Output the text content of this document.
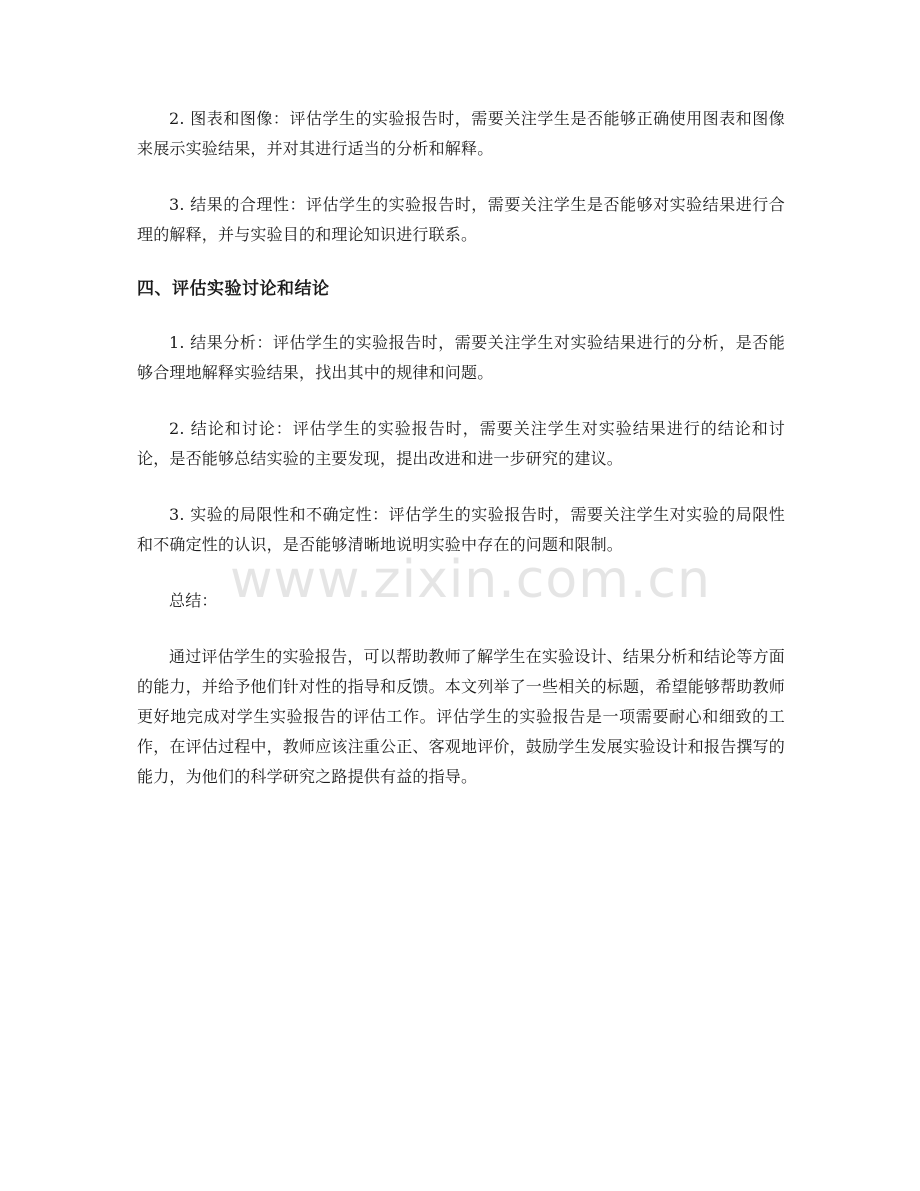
2. 图表和图像：评估学生的实验报告时，需要关注学生是否能够正确使用图表和图像来展示实验结果，并对其进行适当的分析和解释。

3. 结果的合理性：评估学生的实验报告时，需要关注学生是否能够对实验结果进行合理的解释，并与实验目的和理论知识进行联系。

四、评估实验讨论和结论

1. 结果分析：评估学生的实验报告时，需要关注学生对实验结果进行的分析，是否能够合理地解释实验结果，找出其中的规律和问题。

2. 结论和讨论：评估学生的实验报告时，需要关注学生对实验结果进行的结论和讨论，是否能够总结实验的主要发现，提出改进和进一步研究的建议。

3. 实验的局限性和不确定性：评估学生的实验报告时，需要关注学生对实验的局限性和不确定性的认识，是否能够清晰地说明实验中存在的问题和限制。

总结：

通过评估学生的实验报告，可以帮助教师了解学生在实验设计、结果分析和结论等方面的能力，并给予他们针对性的指导和反馈。本文列举了一些相关的标题，希望能够帮助教师更好地完成对学生实验报告的评估工作。评估学生的实验报告是一项需要耐心和细致的工作，在评估过程中，教师应该注重公正、客观地评价，鼓励学生发展实验设计和报告撰写的能力，为他们的科学研究之路提供有益的指导。

www.zixin.com.cn
